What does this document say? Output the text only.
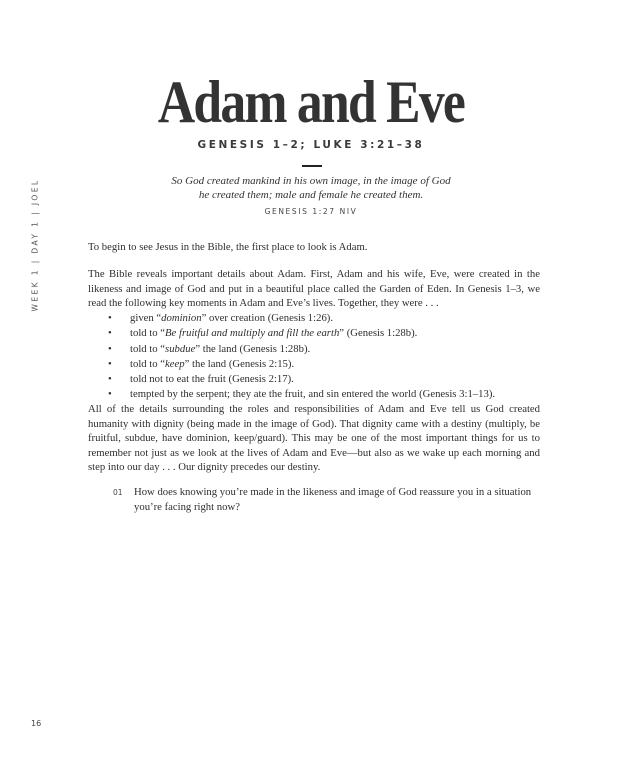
WEEK 1 | DAY 1 | JOEL
Adam and Eve
GENESIS 1–2; LUKE 3:21–38
So God created mankind in his own image, in the image of God
he created them; male and female he created them.
GENESIS 1:27 NIV
To begin to see Jesus in the Bible, the first place to look is Adam.
The Bible reveals important details about Adam. First, Adam and his wife, Eve, were created in the likeness and image of God and put in a beautiful place called the Garden of Eden. In Genesis 1–3, we read the following key moments in Adam and Eve’s lives. Together, they were . . .
• given “dominion” over creation (Genesis 1:26).
• told to “Be fruitful and multiply and fill the earth” (Genesis 1:28b).
• told to “subdue” the land (Genesis 1:28b).
• told to “keep” the land (Genesis 2:15).
• told not to eat the fruit (Genesis 2:17).
• tempted by the serpent; they ate the fruit, and sin entered the world (Genesis 3:1–13).
All of the details surrounding the roles and responsibilities of Adam and Eve tell us God created humanity with dignity (being made in the image of God). That dignity came with a destiny (multiply, be fruitful, subdue, have dominion, keep/guard). This may be one of the most important things for us to remember not just as we look at the lives of Adam and Eve—but also as we wake up each morning and step into our day . . . Our dignity precedes our destiny.
01 How does knowing you’re made in the likeness and image of God reassure you in a situation you’re facing right now?
16
